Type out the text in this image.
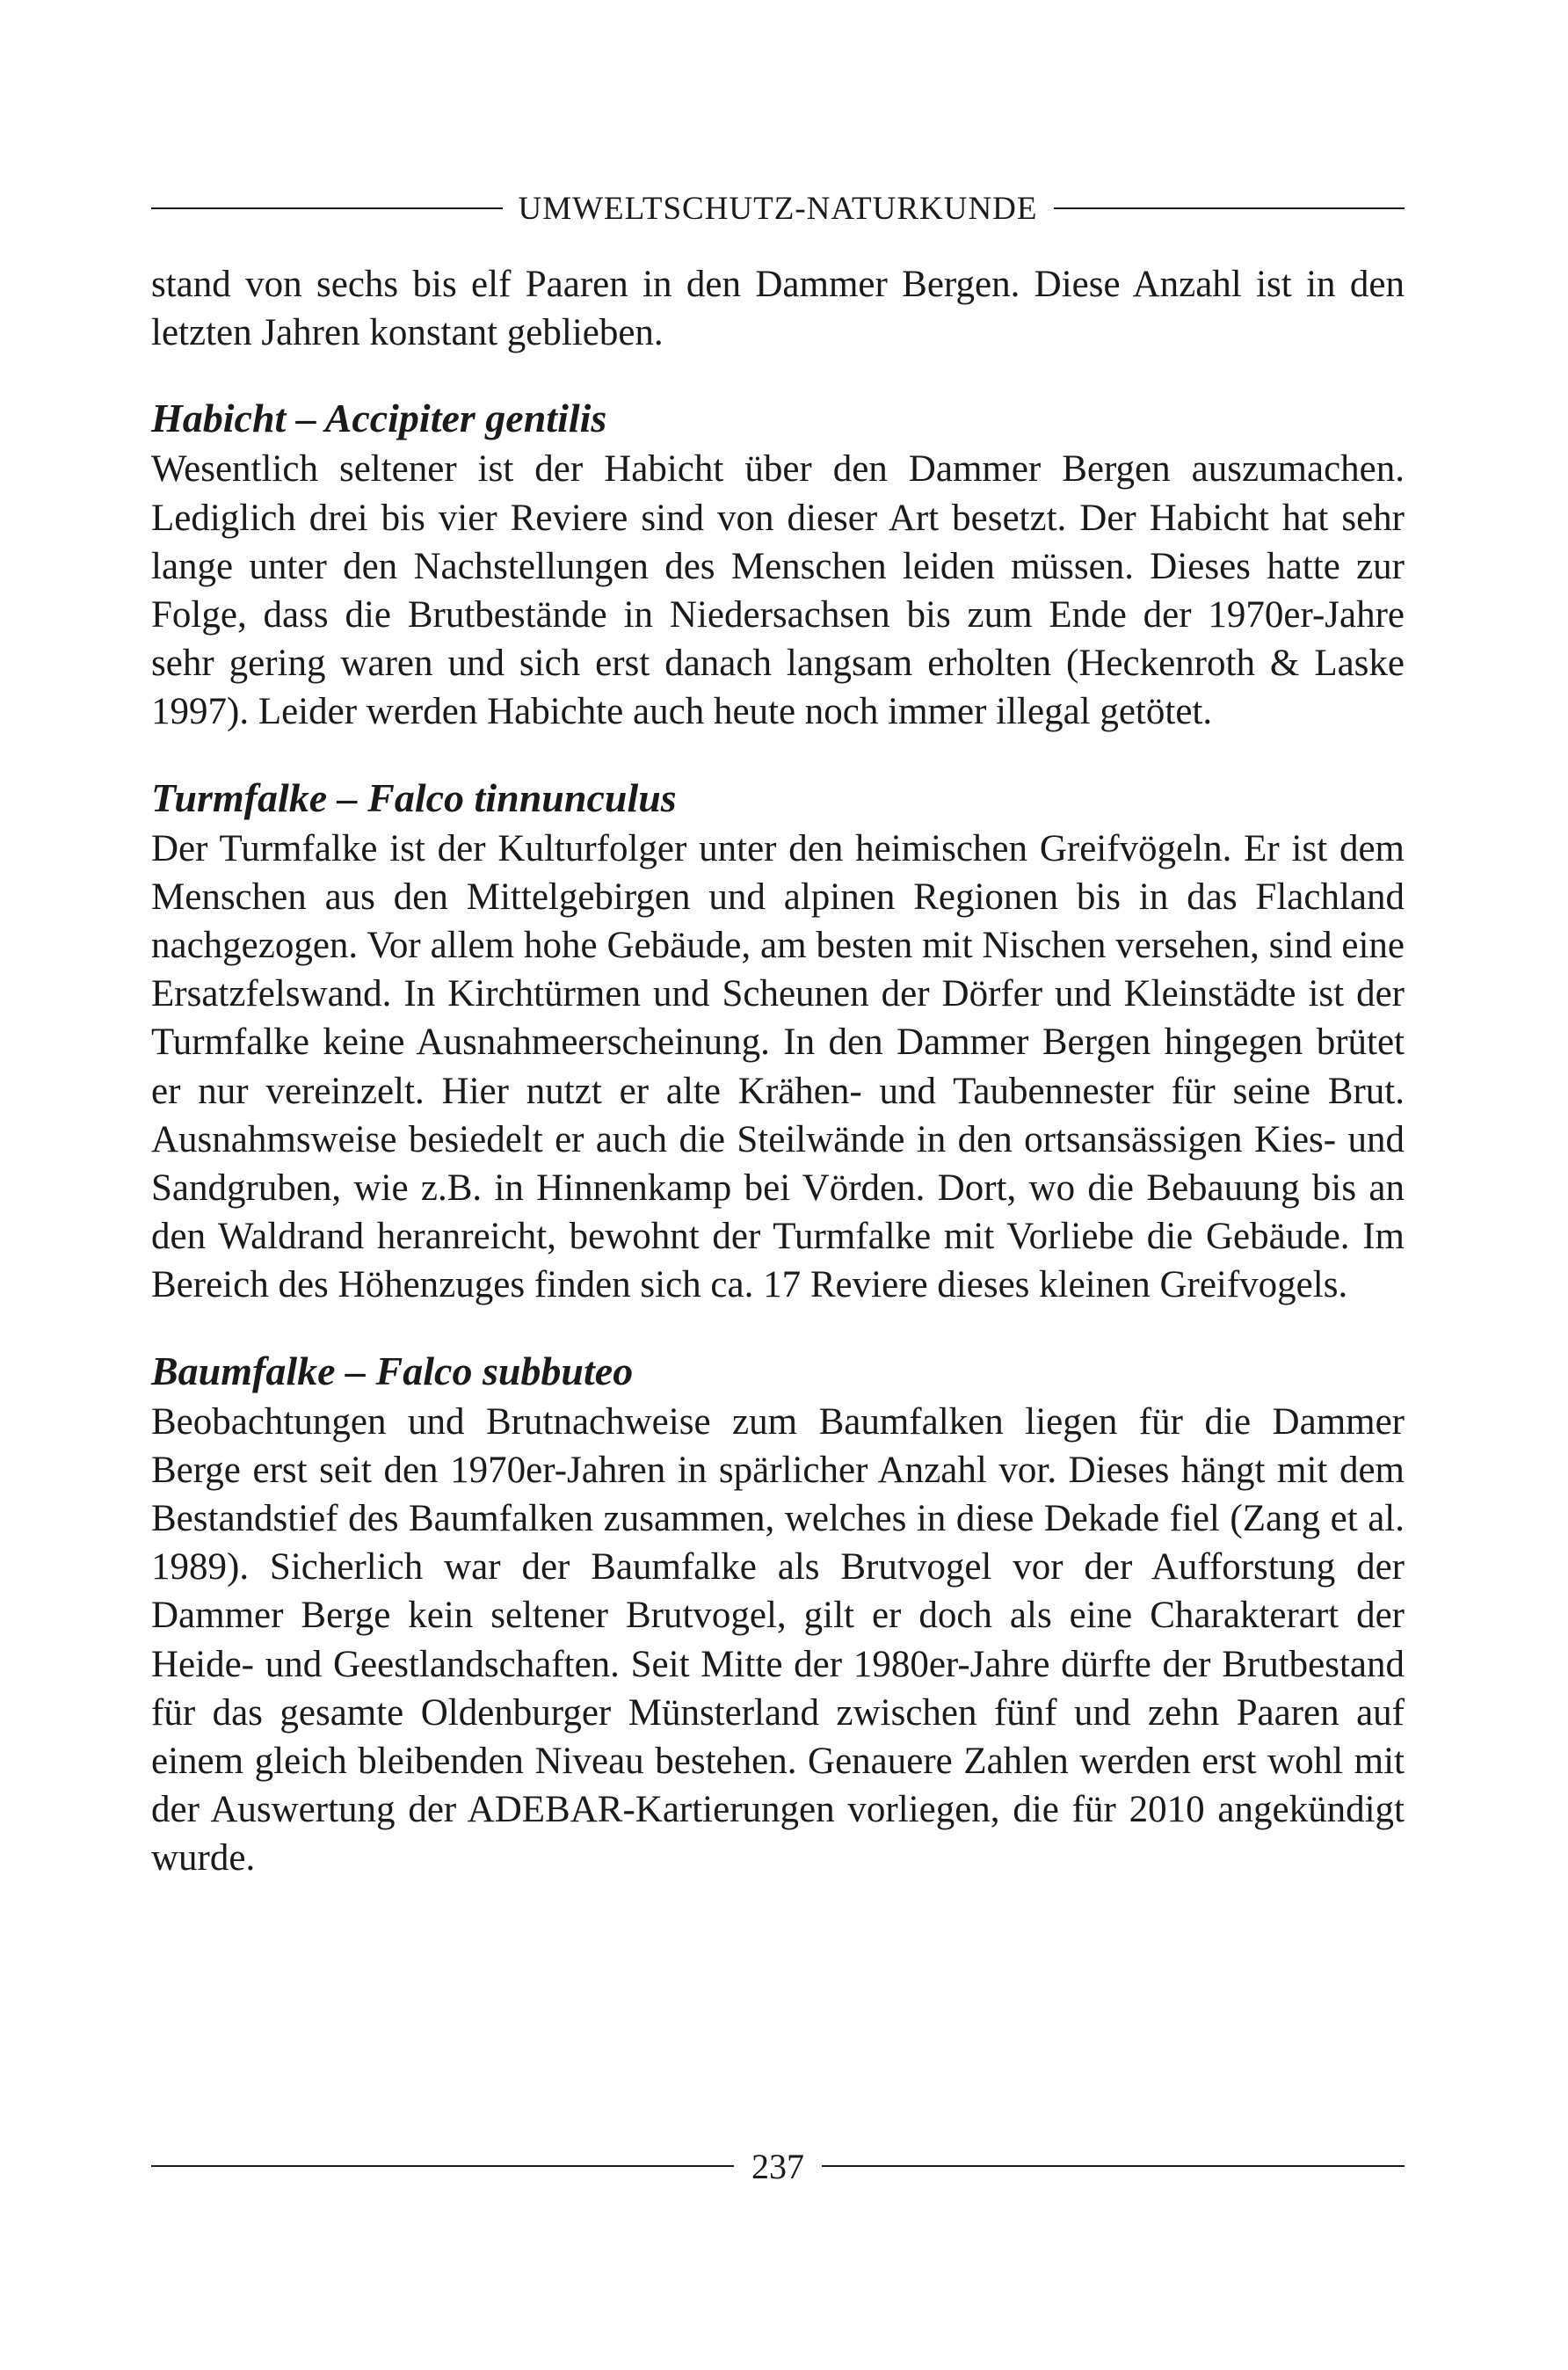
UMWELTSCHUTZ-NATURKUNDE

stand von sechs bis elf Paaren in den Dammer Bergen. Diese Anzahl ist in den letzten Jahren konstant geblieben.

Habicht – Accipiter gentilis

Wesentlich seltener ist der Habicht über den Dammer Bergen auszumachen. Lediglich drei bis vier Reviere sind von dieser Art besetzt. Der Habicht hat sehr lange unter den Nachstellungen des Menschen leiden müssen. Dieses hatte zur Folge, dass die Brutbestände in Niedersachsen bis zum Ende der 1970er-Jahre sehr gering waren und sich erst danach langsam erholten (Heckenroth & Laske 1997). Leider werden Habichte auch heute noch immer illegal getötet.

Turmfalke – Falco tinnunculus

Der Turmfalke ist der Kulturfolger unter den heimischen Greifvögeln. Er ist dem Menschen aus den Mittelgebirgen und alpinen Regionen bis in das Flachland nachgezogen. Vor allem hohe Gebäude, am besten mit Nischen versehen, sind eine Ersatzfelswand. In Kirchtürmen und Scheunen der Dörfer und Kleinstädte ist der Turmfalke keine Ausnahmeerscheinung. In den Dammer Bergen hingegen brütet er nur vereinzelt. Hier nutzt er alte Krähen- und Taubennester für seine Brut. Ausnahmsweise besiedelt er auch die Steilwände in den ortsansässigen Kies- und Sandgruben, wie z.B. in Hinnenkamp bei Vörden. Dort, wo die Bebauung bis an den Waldrand heranreicht, bewohnt der Turmfalke mit Vorliebe die Gebäude. Im Bereich des Höhenzuges finden sich ca. 17 Reviere dieses kleinen Greifvogels.

Baumfalke – Falco subbuteo

Beobachtungen und Brutnachweise zum Baumfalken liegen für die Dammer Berge erst seit den 1970er-Jahren in spärlicher Anzahl vor. Dieses hängt mit dem Bestandstief des Baumfalken zusammen, welches in diese Dekade fiel (Zang et al. 1989). Sicherlich war der Baumfalke als Brutvogel vor der Aufforstung der Dammer Berge kein seltener Brutvogel, gilt er doch als eine Charakterart der Heide- und Geestlandschaften. Seit Mitte der 1980er-Jahre dürfte der Brutbestand für das gesamte Oldenburger Münsterland zwischen fünf und zehn Paaren auf einem gleich bleibenden Niveau bestehen. Genauere Zahlen werden erst wohl mit der Auswertung der ADEBAR-Kartierungen vorliegen, die für 2010 angekündigt wurde.

237
